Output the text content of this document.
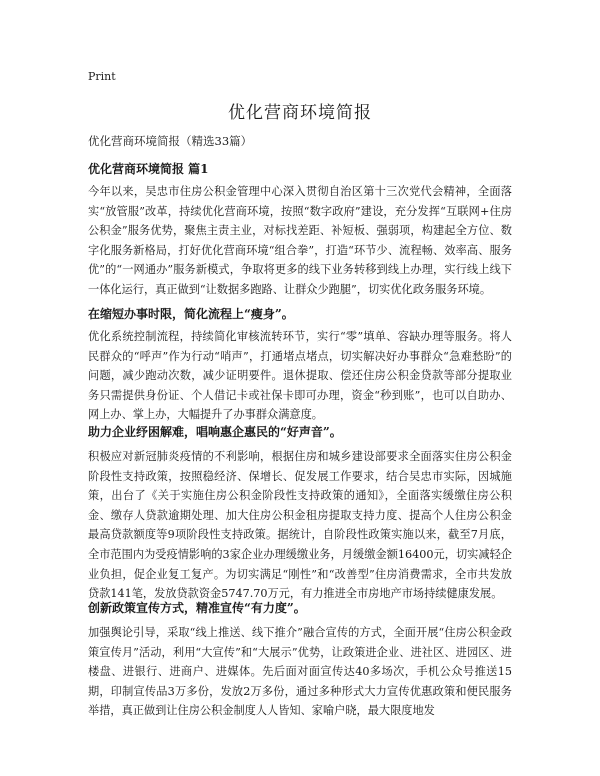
Print
优化营商环境简报
优化营商环境简报（精选33篇）
优化营商环境简报 篇1

今年以来，吴忠市住房公积金管理中心深入贯彻自治区第十三次党代会精神，全面落实“放管服”改革，持续优化营商环境，按照“数字政府”建设，充分发挥“互联网+住房公积金”服务优势，聚焦主责主业，对标找差距、补短板、强弱项，构建起全方位、数字化服务新格局，打好优化营商环境“组合拳”，打造“环节少、流程畅、效率高、服务优”的“一网通办”服务新模式，争取将更多的线下业务转移到线上办理，实行线上线下一体化运行，真正做到“让数据多跑路、让群众少跑腿”，切实优化政务服务环境。

在缩短办事时限，简化流程上“瘦身”。

优化系统控制流程，持续简化审核流转环节，实行“零”填单、容缺办理等服务。将人民群众的“呼声”作为行动“哨声”，打通堵点堵点，切实解决好办事群众“急难愁盼”的问题，减少跑动次数，减少证明要件。退休提取、偿还住房公积金贷款等部分提取业务只需提供身份证、个人借记卡或社保卡即可办理，资金“秒到账”，也可以自助办、网上办、掌上办，大幅提升了办事群众满意度。

助力企业纾困解难，唱响惠企惠民的“好声音”。

积极应对新冠肺炎疫情的不利影响，根据住房和城乡建设部要求全面落实住房公积金阶段性支持政策，按照稳经济、保增长、促发展工作要求，结合吴忠市实际，因城施策，出台了《关于实施住房公积金阶段性支持政策的通知》，全面落实缓缴住房公积金、缴存人贷款逾期处理、加大住房公积金租房提取支持力度、提高个人住房公积金最高贷款额度等9项阶段性支持政策。据统计，自阶段性政策实施以来，截至7月底，全市范围内为受疫情影响的3家企业办理缓缴业务，月缓缴金额16400元，切实减轻企业负担，促企业复工复产。为切实满足“刚性”和“改善型”住房消费需求，全市共发放贷款141笔，发放贷款资金5747.70万元，有力推进全市房地产市场持续健康发展。

创新政策宣传方式，精准宣传“有力度”。

加强舆论引导，采取“线上推送、线下推介”融合宣传的方式，全面开展“住房公积金政策宣传月”活动，利用“大宣传”和“大展示”优势，让政策进企业、进社区、进园区、进楼盘、进银行、进商户、进媒体。先后面对面宣传达40多场次，手机公众号推送15期，印制宣传品3万多份，发放2万多份，通过多种形式大力宣传优惠政策和便民服务举措，真正做到让住房公积金制度人人皆知、家喻户晓，最大限度地发
